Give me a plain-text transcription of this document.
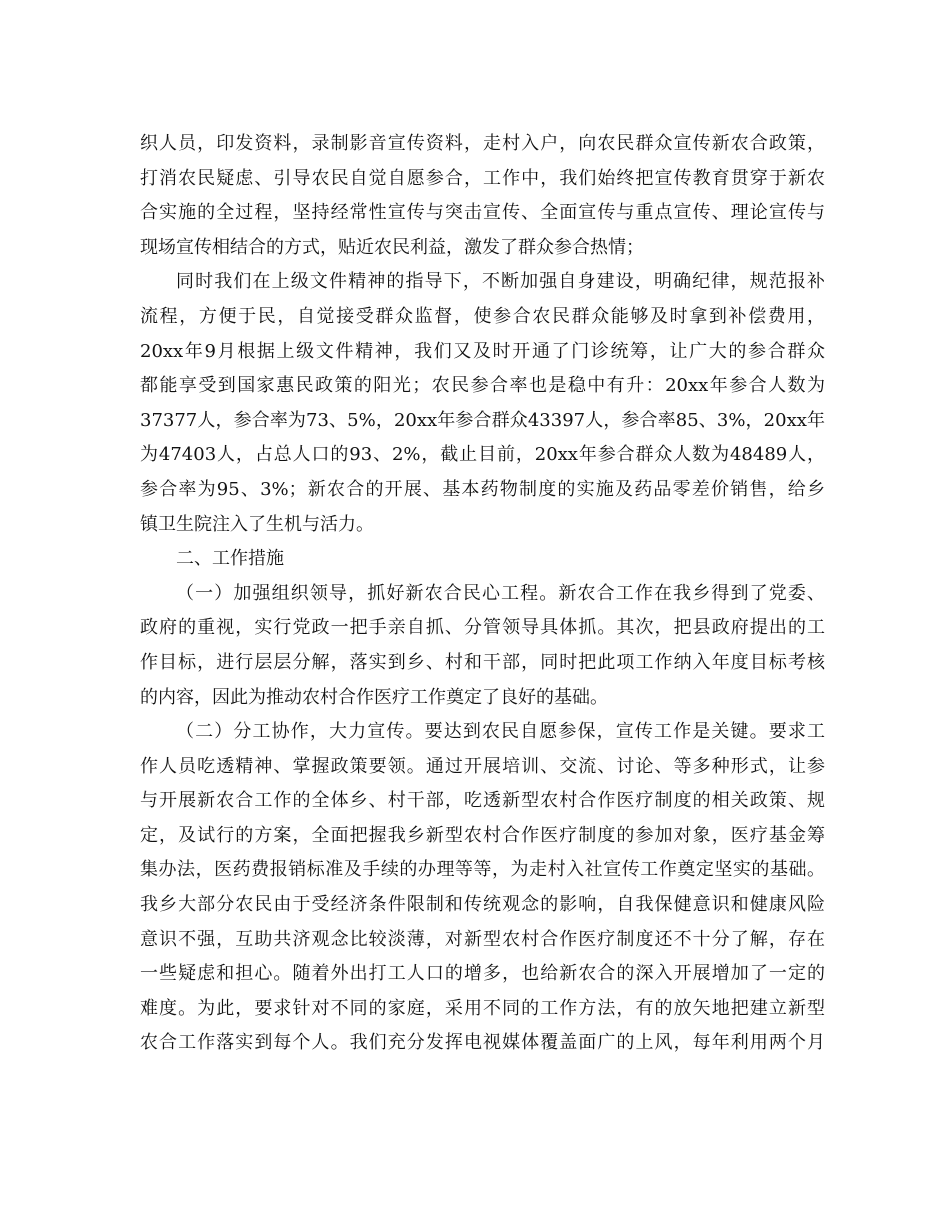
织人员，印发资料，录制影音宣传资料，走村入户，向农民群众宣传新农合政策，
打消农民疑虑、引导农民自觉自愿参合，工作中，我们始终把宣传教育贯穿于新农
合实施的全过程，坚持经常性宣传与突击宣传、全面宣传与重点宣传、理论宣传与
现场宣传相结合的方式，贴近农民利益，激发了群众参合热情；
同时我们在上级文件精神的指导下，不断加强自身建设，明确纪律，规范报补
流程，方便于民，自觉接受群众监督，使参合农民群众能够及时拿到补偿费用，
20xx年9月根据上级文件精神，我们又及时开通了门诊统筹，让广大的参合群众
都能享受到国家惠民政策的阳光；农民参合率也是稳中有升：20xx年参合人数为
37377人，参合率为73、5%，20xx年参合群众43397人，参合率85、3%，20xx年
为47403人，占总人口的93、2%，截止目前，20xx年参合群众人数为48489人，
参合率为95、3%；新农合的开展、基本药物制度的实施及药品零差价销售，给乡
镇卫生院注入了生机与活力。
二、工作措施
（一）加强组织领导，抓好新农合民心工程。新农合工作在我乡得到了党委、
政府的重视，实行党政一把手亲自抓、分管领导具体抓。其次，把县政府提出的工
作目标，进行层层分解，落实到乡、村和干部，同时把此项工作纳入年度目标考核
的内容，因此为推动农村合作医疗工作奠定了良好的基础。
（二）分工协作，大力宣传。要达到农民自愿参保，宣传工作是关键。要求工
作人员吃透精神、掌握政策要领。通过开展培训、交流、讨论、等多种形式，让参
与开展新农合工作的全体乡、村干部，吃透新型农村合作医疗制度的相关政策、规
定，及试行的方案，全面把握我乡新型农村合作医疗制度的参加对象，医疗基金筹
集办法，医药费报销标准及手续的办理等等，为走村入社宣传工作奠定坚实的基础。
我乡大部分农民由于受经济条件限制和传统观念的影响，自我保健意识和健康风险
意识不强，互助共济观念比较淡薄，对新型农村合作医疗制度还不十分了解，存在
一些疑虑和担心。随着外出打工人口的增多，也给新农合的深入开展增加了一定的
难度。为此，要求针对不同的家庭，采用不同的工作方法，有的放矢地把建立新型
农合工作落实到每个人。我们充分发挥电视媒体覆盖面广的上风，每年利用两个月
